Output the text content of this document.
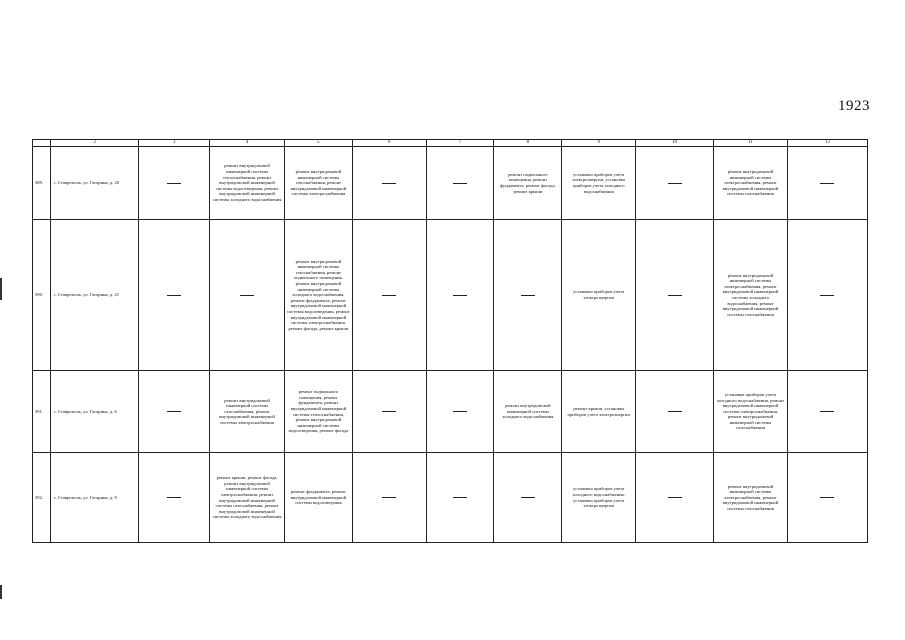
1923
	2	3	4	5	6	7	8	9	10	11	12
389.	г. Ставрополь, ул. Гагарина, д. 20		ремонт внутридомовой инженерной системы теплоснабжения, ремонт внутридомовой инженерной системы водоотведения, ремонт внутридомовой инженерной системы холодного водоснабжения	ремонт внутридомовой инженерной системы газоснабжения, ремонт внутридомовой инженерной системы электроснабжения			ремонт подвального помещения, ремонт фундамента, ремонт фасада, ремонт крыши	установка приборов учета электроэнергии, установка приборов учета холодного водоснабжения		ремонт внутридомовой инженерной системы электроснабжения, ремонт внутридомовой инженерной системы газоснабжения	
390.	г. Ставрополь, ул. Гагарина, д. 21			ремонт внутридомовой инженерной системы газоснабжения, ремонт подвального помещения, ремонт внутридомовой инженерной системы холодного водоснабжения, ремонт фундамента, ремонт внутридомовой инженерной системы водоотведения, ремонт внутридомовой инженерной системы электроснабжения, ремонт фасада, ремонт крыши				установка приборов учета электроэнергии		ремонт внутридомовой инженерной системы электроснабжения, ремонт внутридомовой инженерной системы холодного водоснабжения, ремонт внутридомовой инженерной системы газоснабжения	
391.	г. Ставрополь, ул. Гагарина, д. 6		ремонт внутридомовой инженерной системы газоснабжения, ремонт внутридомовой инженерной системы электроснабжения	ремонт подвального помещения, ремонт фундамента, ремонт внутридомовой инженерной системы теплоснабжения, ремонт внутридомовой инженерной системы водоотведения, ремонт фасада			ремонт внутридомовой инженерной системы холодного водоснабжения	ремонт крыши, установка приборов учета электроэнергии		установка приборов учета холодного водоснабжения, ремонт внутридомовой инженерной системы электроснабжения, ремонт внутридомовой инженерной системы газоснабжения	
392.	г. Ставрополь, ул. Гагарина, д. 9		ремонт крыши, ремонт фасада, ремонт внутридомовой инженерной системы электроснабжения, ремонт внутридомовой инженерной системы газоснабжения, ремонт внутридомовой инженерной системы холодного водоснабжения	ремонт фундамента, ремонт внутридомовой инженерной системы водоотведения				установка приборов учета холодного водоснабжения, установка приборов учета электроэнергии		ремонт внутридомовой инженерной системы электроснабжения, ремонт внутридомовой инженерной системы газоснабжения	
